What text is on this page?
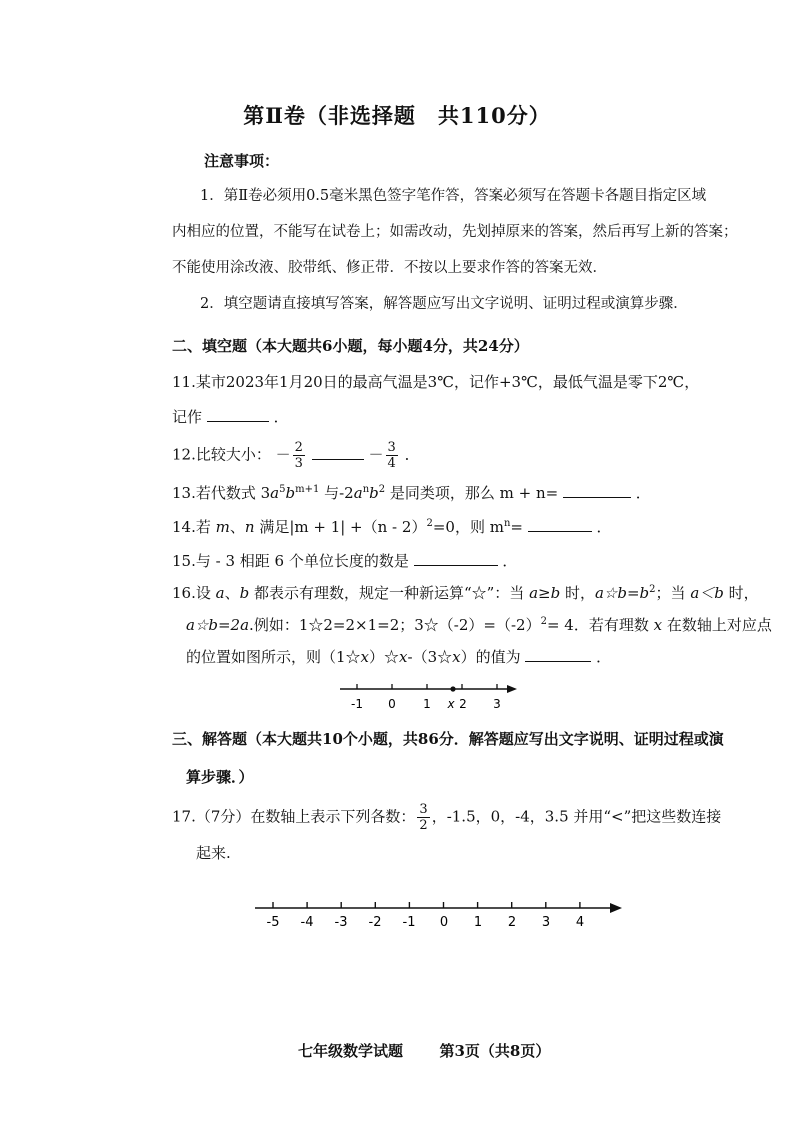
第Ⅱ卷（非选择题　共110分）
注意事项：
1．第Ⅱ卷必须用0.5毫米黑色签字笔作答，答案必须写在答题卡各题目指定区域
内相应的位置，不能写在试卷上；如需改动，先划掉原来的答案，然后再写上新的答案；
不能使用涂改液、胶带纸、修正带．不按以上要求作答的答案无效．
2．填空题请直接填写答案，解答题应写出文字说明、证明过程或演算步骤．
二、填空题（本大题共6小题，每小题4分，共24分）
11.某市2023年1月20日的最高气温是3℃，记作+3℃，最低气温是零下2℃，
记作	．
12.比较大小： － $\frac{2}{3}$	－ $\frac{3}{4}$ ．
13.若代数式 $3a^5b^{m+1}$ 与$-2a^nb^2$ 是同类项，那么 m + n=	．
14.若 m、n 满足|m + 1| +（n - 2）$^2$=0，则 $m^n=$	．
15.与 - 3 相距 6 个单位长度的数是	．
16.设 a、b 都表示有理数，规定一种新运算“☆”：当 a≥b 时，$a☆b=b^2$；当 a＜b 时，
a☆b=2a.例如：1☆2=2×1=2；$3☆(-2)=(-2)^2= 4$．若有理数 x 在数轴上对应点
的位置如图所示，则（1☆x）☆x-（3☆x）的值为	．
-1 0 1 x 2 3
三、解答题（本大题共10个小题，共86分．解答题应写出文字说明、证明过程或演
算步骤．）
17.（7分）在数轴上表示下列各数： $\frac{3}{2}$ ，-1.5，0，-4，3.5 并用“<”把这些数连接
起来.
-5 -4 -3 -2 -1 0 1 2 3 4
七年级数学试题 第3页（共8页）
